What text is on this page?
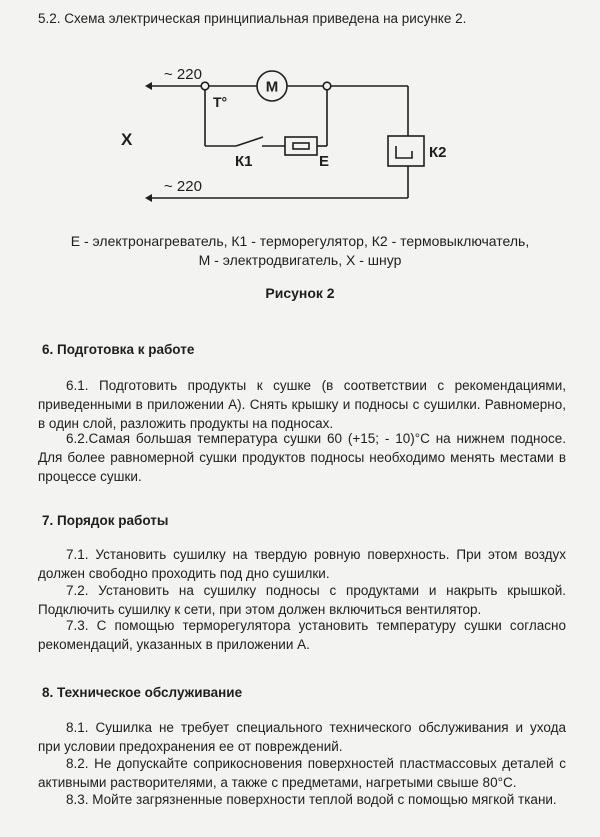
5.2. Схема электрическая принципиальная приведена на рисунке 2.
~ 220
~ 220
Х
Т°
М
К1	Е
К2
Е - электронагреватель, К1 - терморегулятор, К2 - термовыключатель,
М - электродвигатель, Х - шнур
Рисунок 2
6. Подготовка к работе
6.1. Подготовить продукты к сушке (в соответствии с рекомендациями, приведенными в приложении А). Снять крышку и подносы с сушилки. Равномерно, в один слой, разложить продукты на подносах.
6.2.Самая большая температура сушки 60 (+15; - 10)°С на нижнем подносе. Для более равномерной сушки продуктов подносы необходимо менять местами в процессе сушки.
7. Порядок работы
7.1. Установить сушилку на твердую ровную поверхность. При этом воздух должен свободно проходить под дно сушилки.
7.2. Установить на сушилку подносы с продуктами и накрыть крышкой. Подключить сушилку к сети, при этом должен включиться вентилятор.
7.3. С помощью терморегулятора установить температуру сушки согласно рекомендаций, указанных в приложении А.
8. Техническое обслуживание
8.1. Сушилка не требует специального технического обслуживания и ухода при условии предохранения ее от повреждений.
8.2. Не допускайте соприкосновения поверхностей пластмассовых деталей с активными растворителями, а также с предметами, нагретыми свыше 80°С.
8.3. Мойте загрязненные поверхности теплой водой с помощью мягкой ткани.
